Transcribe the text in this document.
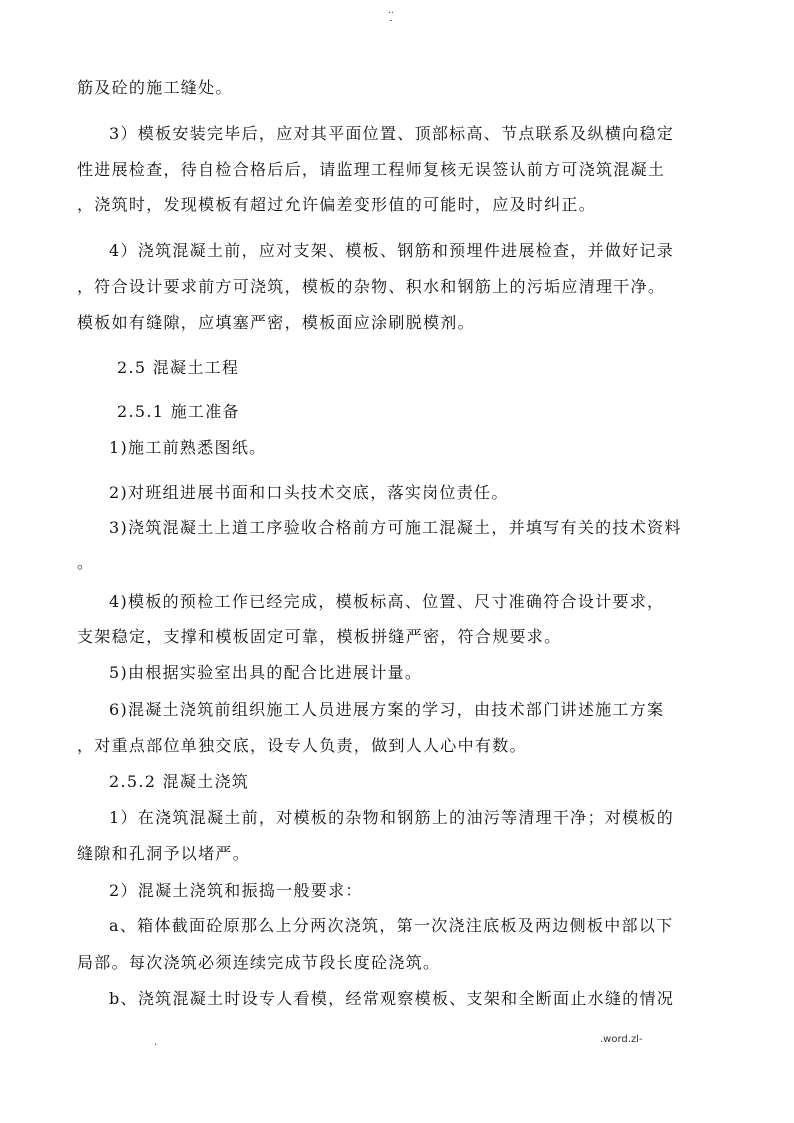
..
-
筋及砼的施工缝处。
3）模板安装完毕后，应对其平面位置、顶部标高、节点联系及纵横向稳定
性进展检查，待自检合格后后，请监理工程师复核无误签认前方可浇筑混凝土
，浇筑时，发现模板有超过允许偏差变形值的可能时，应及时纠正。
4）浇筑混凝土前，应对支架、模板、钢筋和预埋件进展检查，并做好记录
，符合设计要求前方可浇筑，模板的杂物、积水和钢筋上的污垢应清理干净。
模板如有缝隙，应填塞严密，模板面应涂刷脱模剂。
2.5 混凝土工程
2.5.1 施工准备
1)施工前熟悉图纸。
2)对班组进展书面和口头技术交底，落实岗位责任。
3)浇筑混凝土上道工序验收合格前方可施工混凝土，并填写有关的技术资料
。
4)模板的预检工作已经完成，模板标高、位置、尺寸准确符合设计要求，
支架稳定，支撑和模板固定可靠，模板拼缝严密，符合规要求。
5)由根据实验室出具的配合比进展计量。
6)混凝土浇筑前组织施工人员进展方案的学习，由技术部门讲述施工方案
，对重点部位单独交底，设专人负责，做到人人心中有数。
2.5.2 混凝土浇筑
1）在浇筑混凝土前，对模板的杂物和钢筋上的油污等清理干净；对模板的
缝隙和孔洞予以堵严。
2）混凝土浇筑和振捣一般要求：
a、箱体截面砼原那么上分两次浇筑，第一次浇注底板及两边侧板中部以下
局部。每次浇筑必须连续完成节段长度砼浇筑。
b、浇筑混凝土时设专人看模，经常观察模板、支架和全断面止水缝的情况
.	.word.zl-
